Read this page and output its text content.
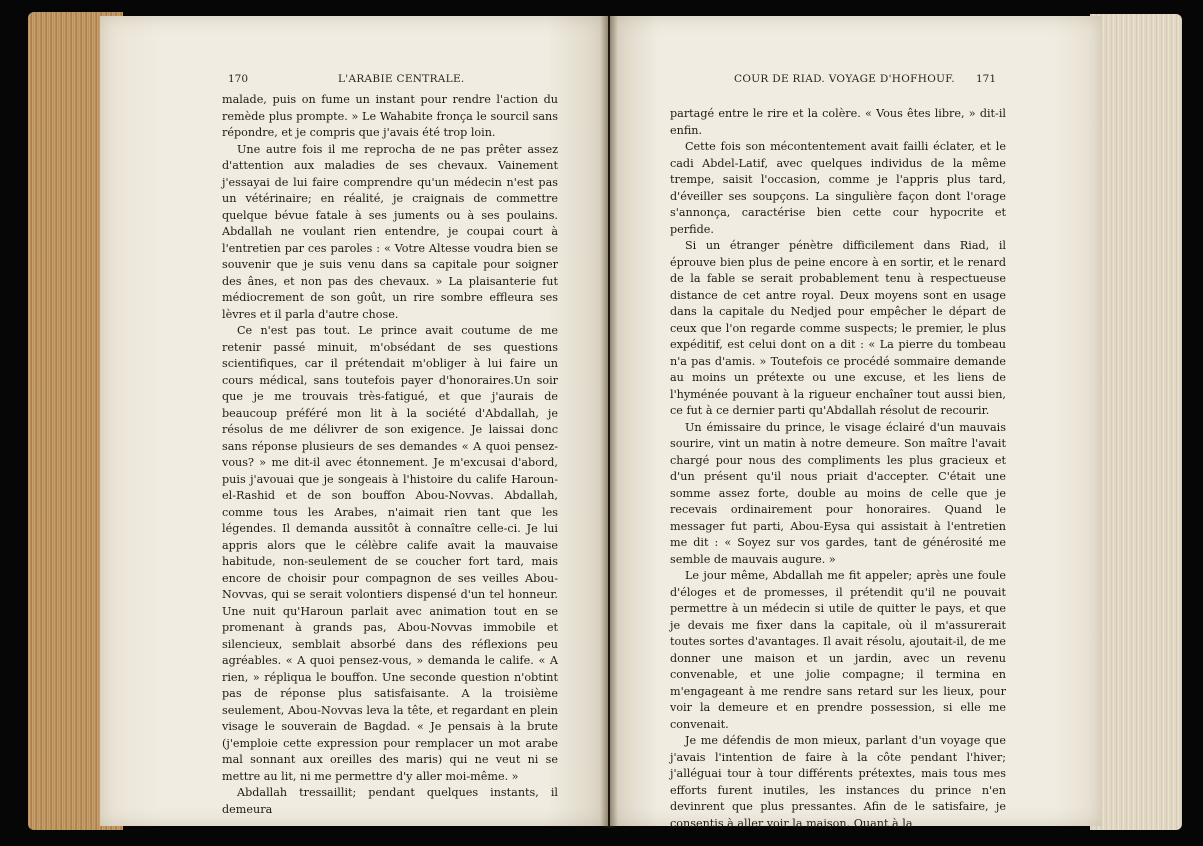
170	L'ARABIE CENTRALE.	COUR DE RIAD. VOYAGE D'HOFHOUF. 171

malade, puis on fume un instant pour rendre l'action du remède plus prompte. » Le Wahabite fronça le sourcil sans répondre, et je compris que j'avais été trop loin.

Une autre fois il me reprocha de ne pas prêter assez d'attention aux maladies de ses chevaux. Vainement j'essayai de lui faire comprendre qu'un médecin n'est pas un vétérinaire; en réalité, je craignais de commettre quelque bévue fatale à ses juments ou à ses poulains. Abdallah ne voulant rien entendre, je coupai court à l'entretien par ces paroles : « Votre Altesse voudra bien se souvenir que je suis venu dans sa capitale pour soigner des ânes, et non pas des chevaux. » La plaisanterie fut médiocrement de son goût, un rire sombre effleura ses lèvres et il parla d'autre chose.

Ce n'est pas tout. Le prince avait coutume de me retenir passé minuit, m'obsédant de ses questions scientifiques, car il prétendait m'obliger à lui faire un cours médical, sans toutefois payer d'honoraires.Un soir que je me trouvais très-fatigué, et que j'aurais de beaucoup préféré mon lit à la société d'Abdallah, je résolus de me délivrer de son exigence. Je laissai donc sans réponse plusieurs de ses demandes « A quoi pensez-vous? » me dit-il avec étonnement. Je m'excusai d'abord, puis j'avouai que je songeais à l'histoire du calife Haroun-el-Rashid et de son bouffon Abou-Novvas. Abdallah, comme tous les Arabes, n'aimait rien tant que les légendes. Il demanda aussitôt à connaître celle-ci. Je lui appris alors que le célèbre calife avait la mauvaise habitude, non-seulement de se coucher fort tard, mais encore de choisir pour compagnon de ses veilles Abou-Novvas, qui se serait volontiers dispensé d'un tel honneur. Une nuit qu'Haroun parlait avec animation tout en se promenant à grands pas, Abou-Novvas immobile et silencieux, semblait absorbé dans des réflexions peu agréables. « A quoi pensez-vous, » demanda le calife. « A rien, » répliqua le bouffon. Une seconde question n'obtint pas de réponse plus satisfaisante. A la troisième seulement, Abou-Novvas leva la tête, et regardant en plein visage le souverain de Bagdad. « Je pensais à la brute (j'emploie cette expression pour remplacer un mot arabe mal sonnant aux oreilles des maris) qui ne veut ni se mettre au lit, ni me permettre d'y aller moi-même. »

Abdallah tressaillit; pendant quelques instants, il demeura

partagé entre le rire et la colère. « Vous êtes libre, » dit-il enfin.

Cette fois son mécontentement avait failli éclater, et le cadi Abdel-Latif, avec quelques individus de la même trempe, saisit l'occasion, comme je l'appris plus tard, d'éveiller ses soupçons. La singulière façon dont l'orage s'annonça, caractérise bien cette cour hypocrite et perfide.

Si un étranger pénètre difficilement dans Riad, il éprouve bien plus de peine encore à en sortir, et le renard de la fable se serait probablement tenu à respectueuse distance de cet antre royal. Deux moyens sont en usage dans la capitale du Nedjed pour empêcher le départ de ceux que l'on regarde comme suspects; le premier, le plus expéditif, est celui dont on a dit : « La pierre du tombeau n'a pas d'amis. » Toutefois ce procédé sommaire demande au moins un prétexte ou une excuse, et les liens de l'hyménée pouvant à la rigueur enchaîner tout aussi bien, ce fut à ce dernier parti qu'Abdallah résolut de recourir.

Un émissaire du prince, le visage éclairé d'un mauvais sourire, vint un matin à notre demeure. Son maître l'avait chargé pour nous des compliments les plus gracieux et d'un présent qu'il nous priait d'accepter. C'était une somme assez forte, double au moins de celle que je recevais ordinairement pour honoraires. Quand le messager fut parti, Abou-Eysa qui assistait à l'entretien me dit : « Soyez sur vos gardes, tant de générosité me semble de mauvais augure. »

Le jour même, Abdallah me fit appeler; après une foule d'éloges et de promesses, il prétendit qu'il ne pouvait permettre à un médecin si utile de quitter le pays, et que je devais me fixer dans la capitale, où il m'assurerait toutes sortes d'avantages. Il avait résolu, ajoutait-il, de me donner une maison et un jardin, avec un revenu convenable, et une jolie compagne; il termina en m'engageant à me rendre sans retard sur les lieux, pour voir la demeure et en prendre possession, si elle me convenait.

Je me défendis de mon mieux, parlant d'un voyage que j'avais l'intention de faire à la côte pendant l'hiver; j'alléguai tour à tour différents prétextes, mais tous mes efforts furent inutiles, les instances du prince n'en devinrent que plus pressantes. Afin de le satisfaire, je consentis à aller voir la maison. Quant à la
